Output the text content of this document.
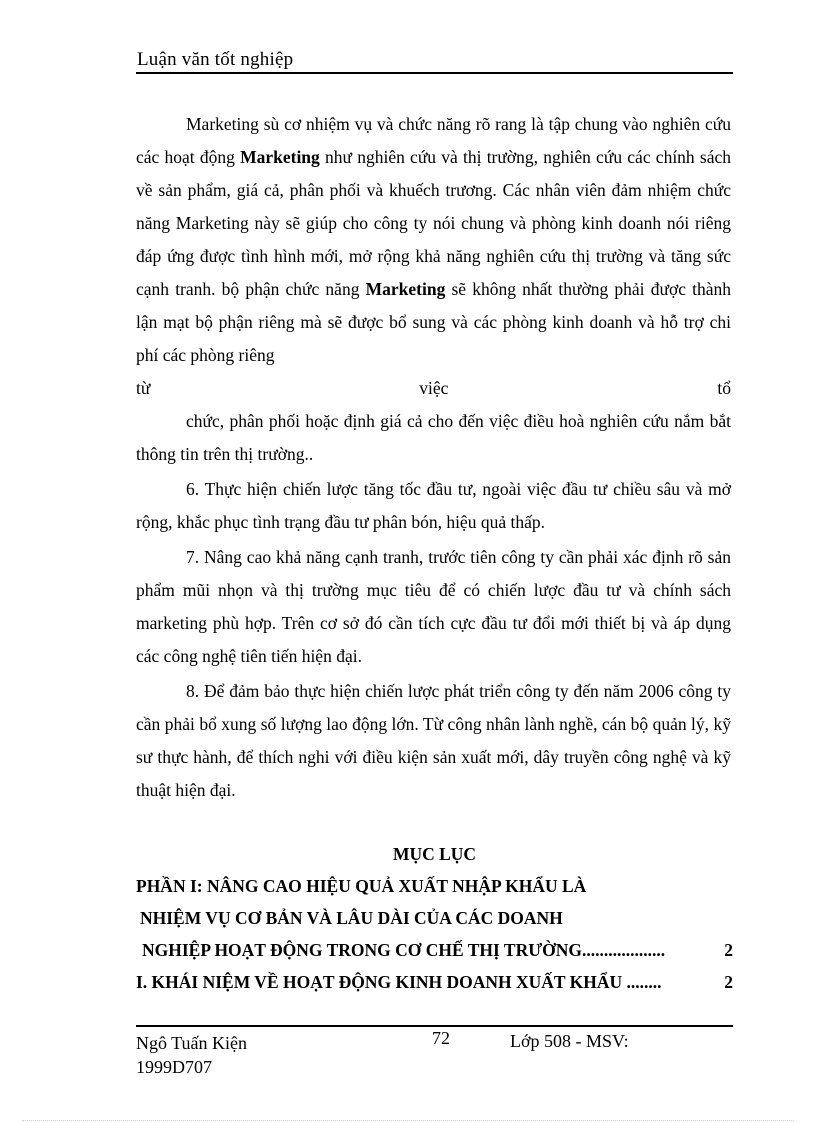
Luận văn tốt nghiệp

Marketing sù cơ nhiệm vụ và chức năng rõ rang là tập chung vào nghiên cứu các hoạt động Marketing như nghiên cứu và thị trường, nghiên cứu các chính sách về sản phẩm, giá cả, phân phối và khuếch trương. Các nhân viên đảm nhiệm chức năng Marketing này sẽ giúp cho công ty nói chung và phòng kinh doanh nói riêng đáp ứng được tình hình mới, mở rộng khả năng nghiên cứu thị trường và tăng sức cạnh tranh. bộ phận chức năng Marketing sẽ không nhất thường phải được thành lận mạt bộ phận riêng mà sẽ được bổ sung và các phòng kinh doanh và hỗ trợ chi phí các phòng riêng

từ	việc	tổ

chức, phân phối hoặc định giá cả cho đến việc điều hoà nghiên cứu nắm bắt thông tin trên thị trường..

6. Thực hiện chiến lược tăng tốc đầu tư, ngoài việc đầu tư chiều sâu và mở rộng, khắc phục tình trạng đầu tư phân bón, hiệu quả thấp.

7. Nâng cao khả năng cạnh tranh, trước tiên công ty cần phải xác định rõ sản phẩm mũi nhọn và thị trường mục tiêu để có chiến lược đầu tư và chính sách marketing phù hợp. Trên cơ sở đó cần tích cực đầu tư đổi mới thiết bị và áp dụng các công nghệ tiên tiến hiện đại.

8. Để đảm bảo thực hiện chiến lược phát triển công ty đến năm 2006 công ty cần phải bổ xung số lượng lao động lớn. Từ công nhân lành nghề, cán bộ quản lý, kỹ sư thực hành, để thích nghi với điều kiện sản xuất mới, dây truyền công nghệ và kỹ thuật hiện đại.

MỤC LỤC
PHẦN I: NÂNG CAO HIỆU QUẢ XUẤT NHẬP KHẨU LÀ
NHIỆM VỤ CƠ BẢN VÀ LÂU DÀI CỦA CÁC DOANH
NGHIỆP HOẠT ĐỘNG TRONG CƠ CHẾ THỊ TRƯỜNG...................	2
I. KHÁI NIỆM VỀ HOẠT ĐỘNG KINH DOANH XUẤT KHẨU ........	2
Ngô Tuấn Kiện
1999D707
72	Lớp 508 - MSV:
